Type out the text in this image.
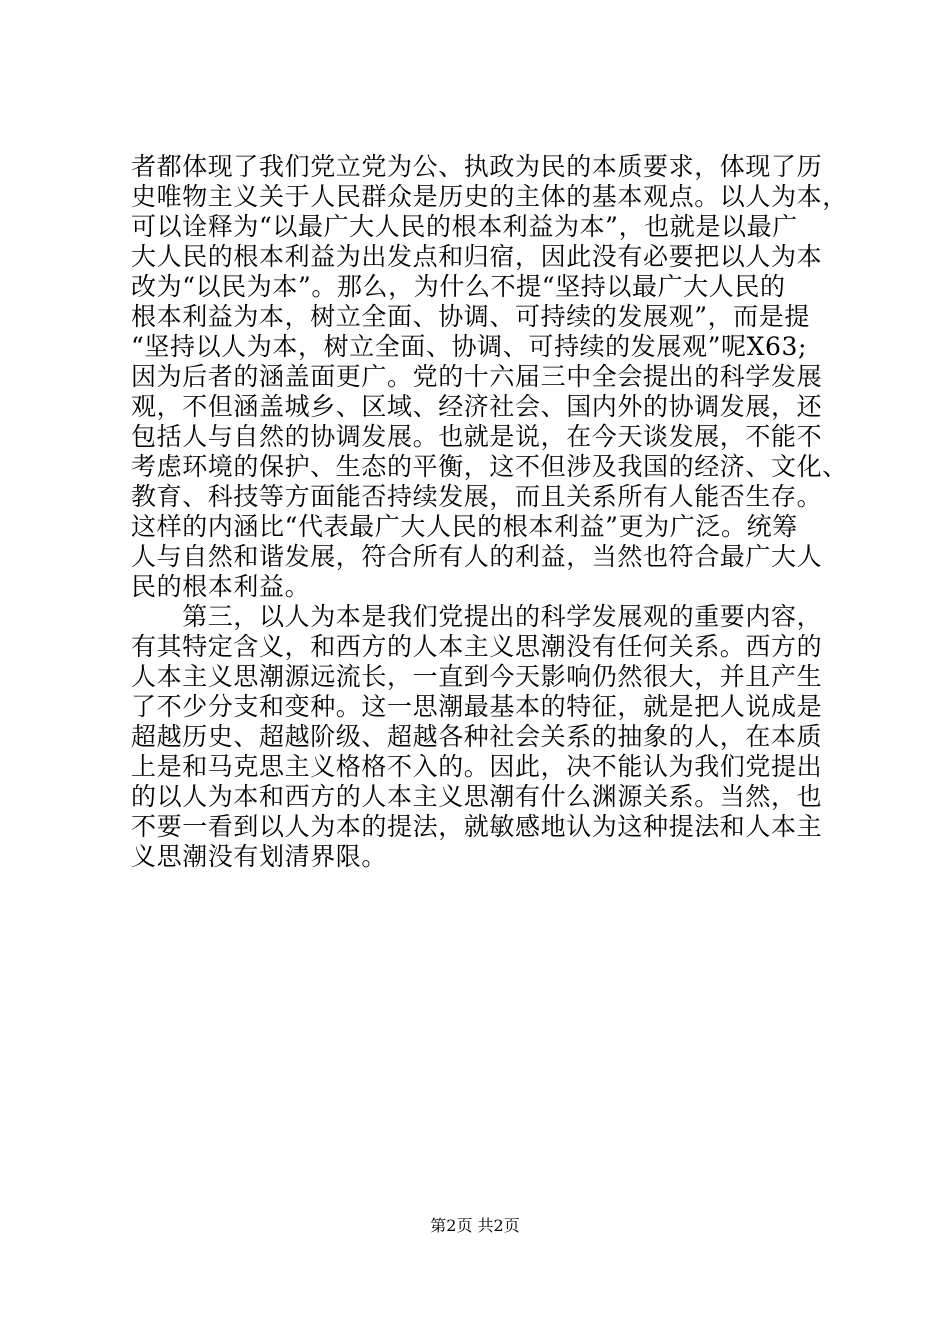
者都体现了我们党立党为公、执政为民的本质要求，体现了历
史唯物主义关于人民群众是历史的主体的基本观点。以人为本，
可以诠释为“以最广大人民的根本利益为本”，也就是以最广
大人民的根本利益为出发点和归宿，因此没有必要把以人为本
改为“以民为本”。那么，为什么不提“坚持以最广大人民的
根本利益为本，树立全面、协调、可持续的发展观”，而是提
“坚持以人为本，树立全面、协调、可持续的发展观”呢X63;
因为后者的涵盖面更广。党的十六届三中全会提出的科学发展
观，不但涵盖城乡、区域、经济社会、国内外的协调发展，还
包括人与自然的协调发展。也就是说，在今天谈发展，不能不
考虑环境的保护、生态的平衡，这不但涉及我国的经济、文化、
教育、科技等方面能否持续发展，而且关系所有人能否生存。
这样的内涵比“代表最广大人民的根本利益”更为广泛。统筹
人与自然和谐发展，符合所有人的利益，当然也符合最广大人
民的根本利益。
　　第三，以人为本是我们党提出的科学发展观的重要内容，
有其特定含义，和西方的人本主义思潮没有任何关系。西方的
人本主义思潮源远流长，一直到今天影响仍然很大，并且产生
了不少分支和变种。这一思潮最基本的特征，就是把人说成是
超越历史、超越阶级、超越各种社会关系的抽象的人，在本质
上是和马克思主义格格不入的。因此，决不能认为我们党提出
的以人为本和西方的人本主义思潮有什么渊源关系。当然，也
不要一看到以人为本的提法，就敏感地认为这种提法和人本主
义思潮没有划清界限。
第2页 共2页
